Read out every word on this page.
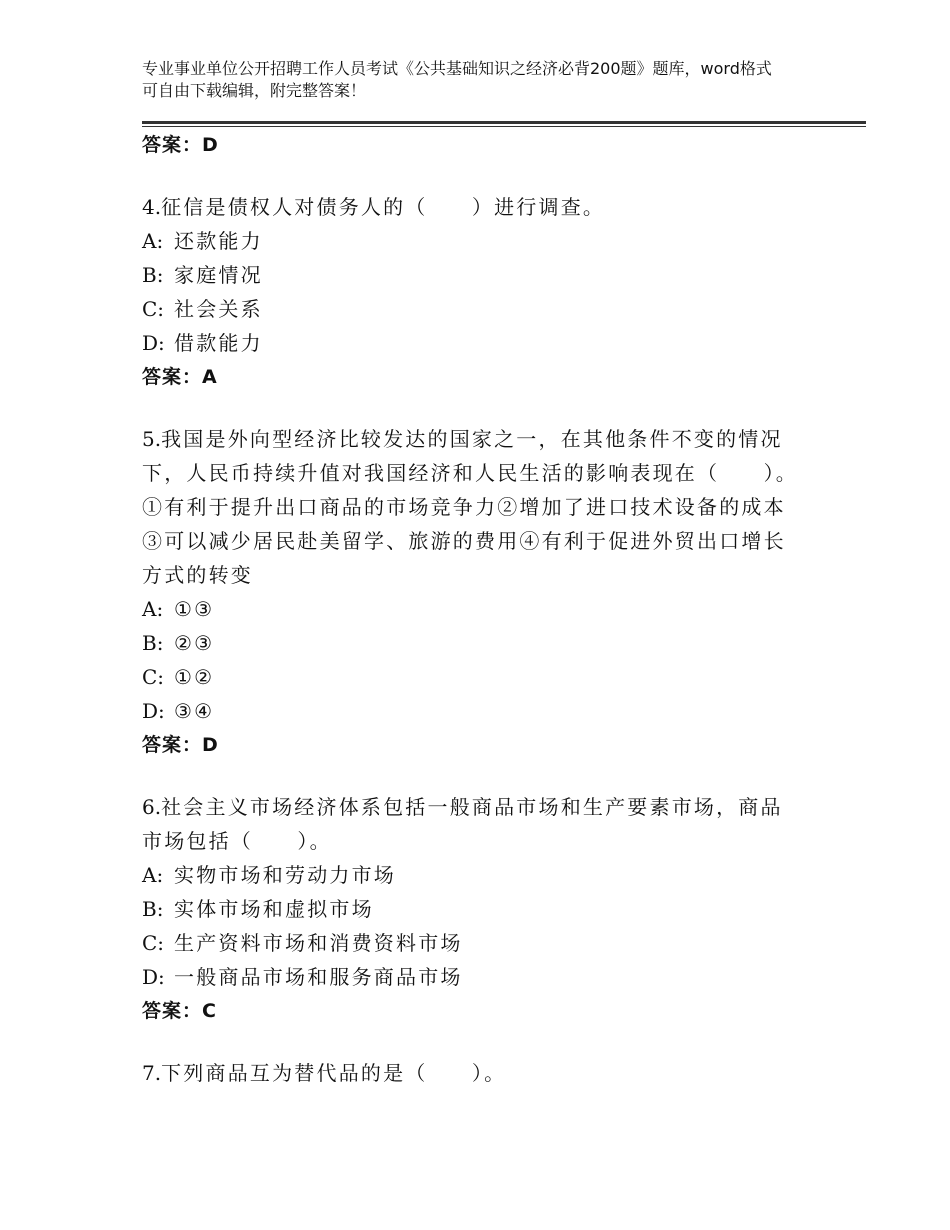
专业事业单位公开招聘工作人员考试《公共基础知识之经济必背200题》题库，word格式可自由下载编辑，附完整答案！
答案：D
4.征信是债权人对债务人的（　　）进行调查。
A: 还款能力
B: 家庭情况
C: 社会关系
D: 借款能力
答案：A
5.我国是外向型经济比较发达的国家之一，在其他条件不变的情况下，人民币持续升值对我国经济和人民生活的影响表现在（　　）。①有利于提升出口商品的市场竞争力②增加了进口技术设备的成本③可以减少居民赴美留学、旅游的费用④有利于促进外贸出口增长方式的转变
A: ①③
B: ②③
C: ①②
D: ③④
答案：D
6.社会主义市场经济体系包括一般商品市场和生产要素市场，商品市场包括（　　）。
A: 实物市场和劳动力市场
B: 实体市场和虚拟市场
C: 生产资料市场和消费资料市场
D: 一般商品市场和服务商品市场
答案：C
7.下列商品互为替代品的是（　　）。
